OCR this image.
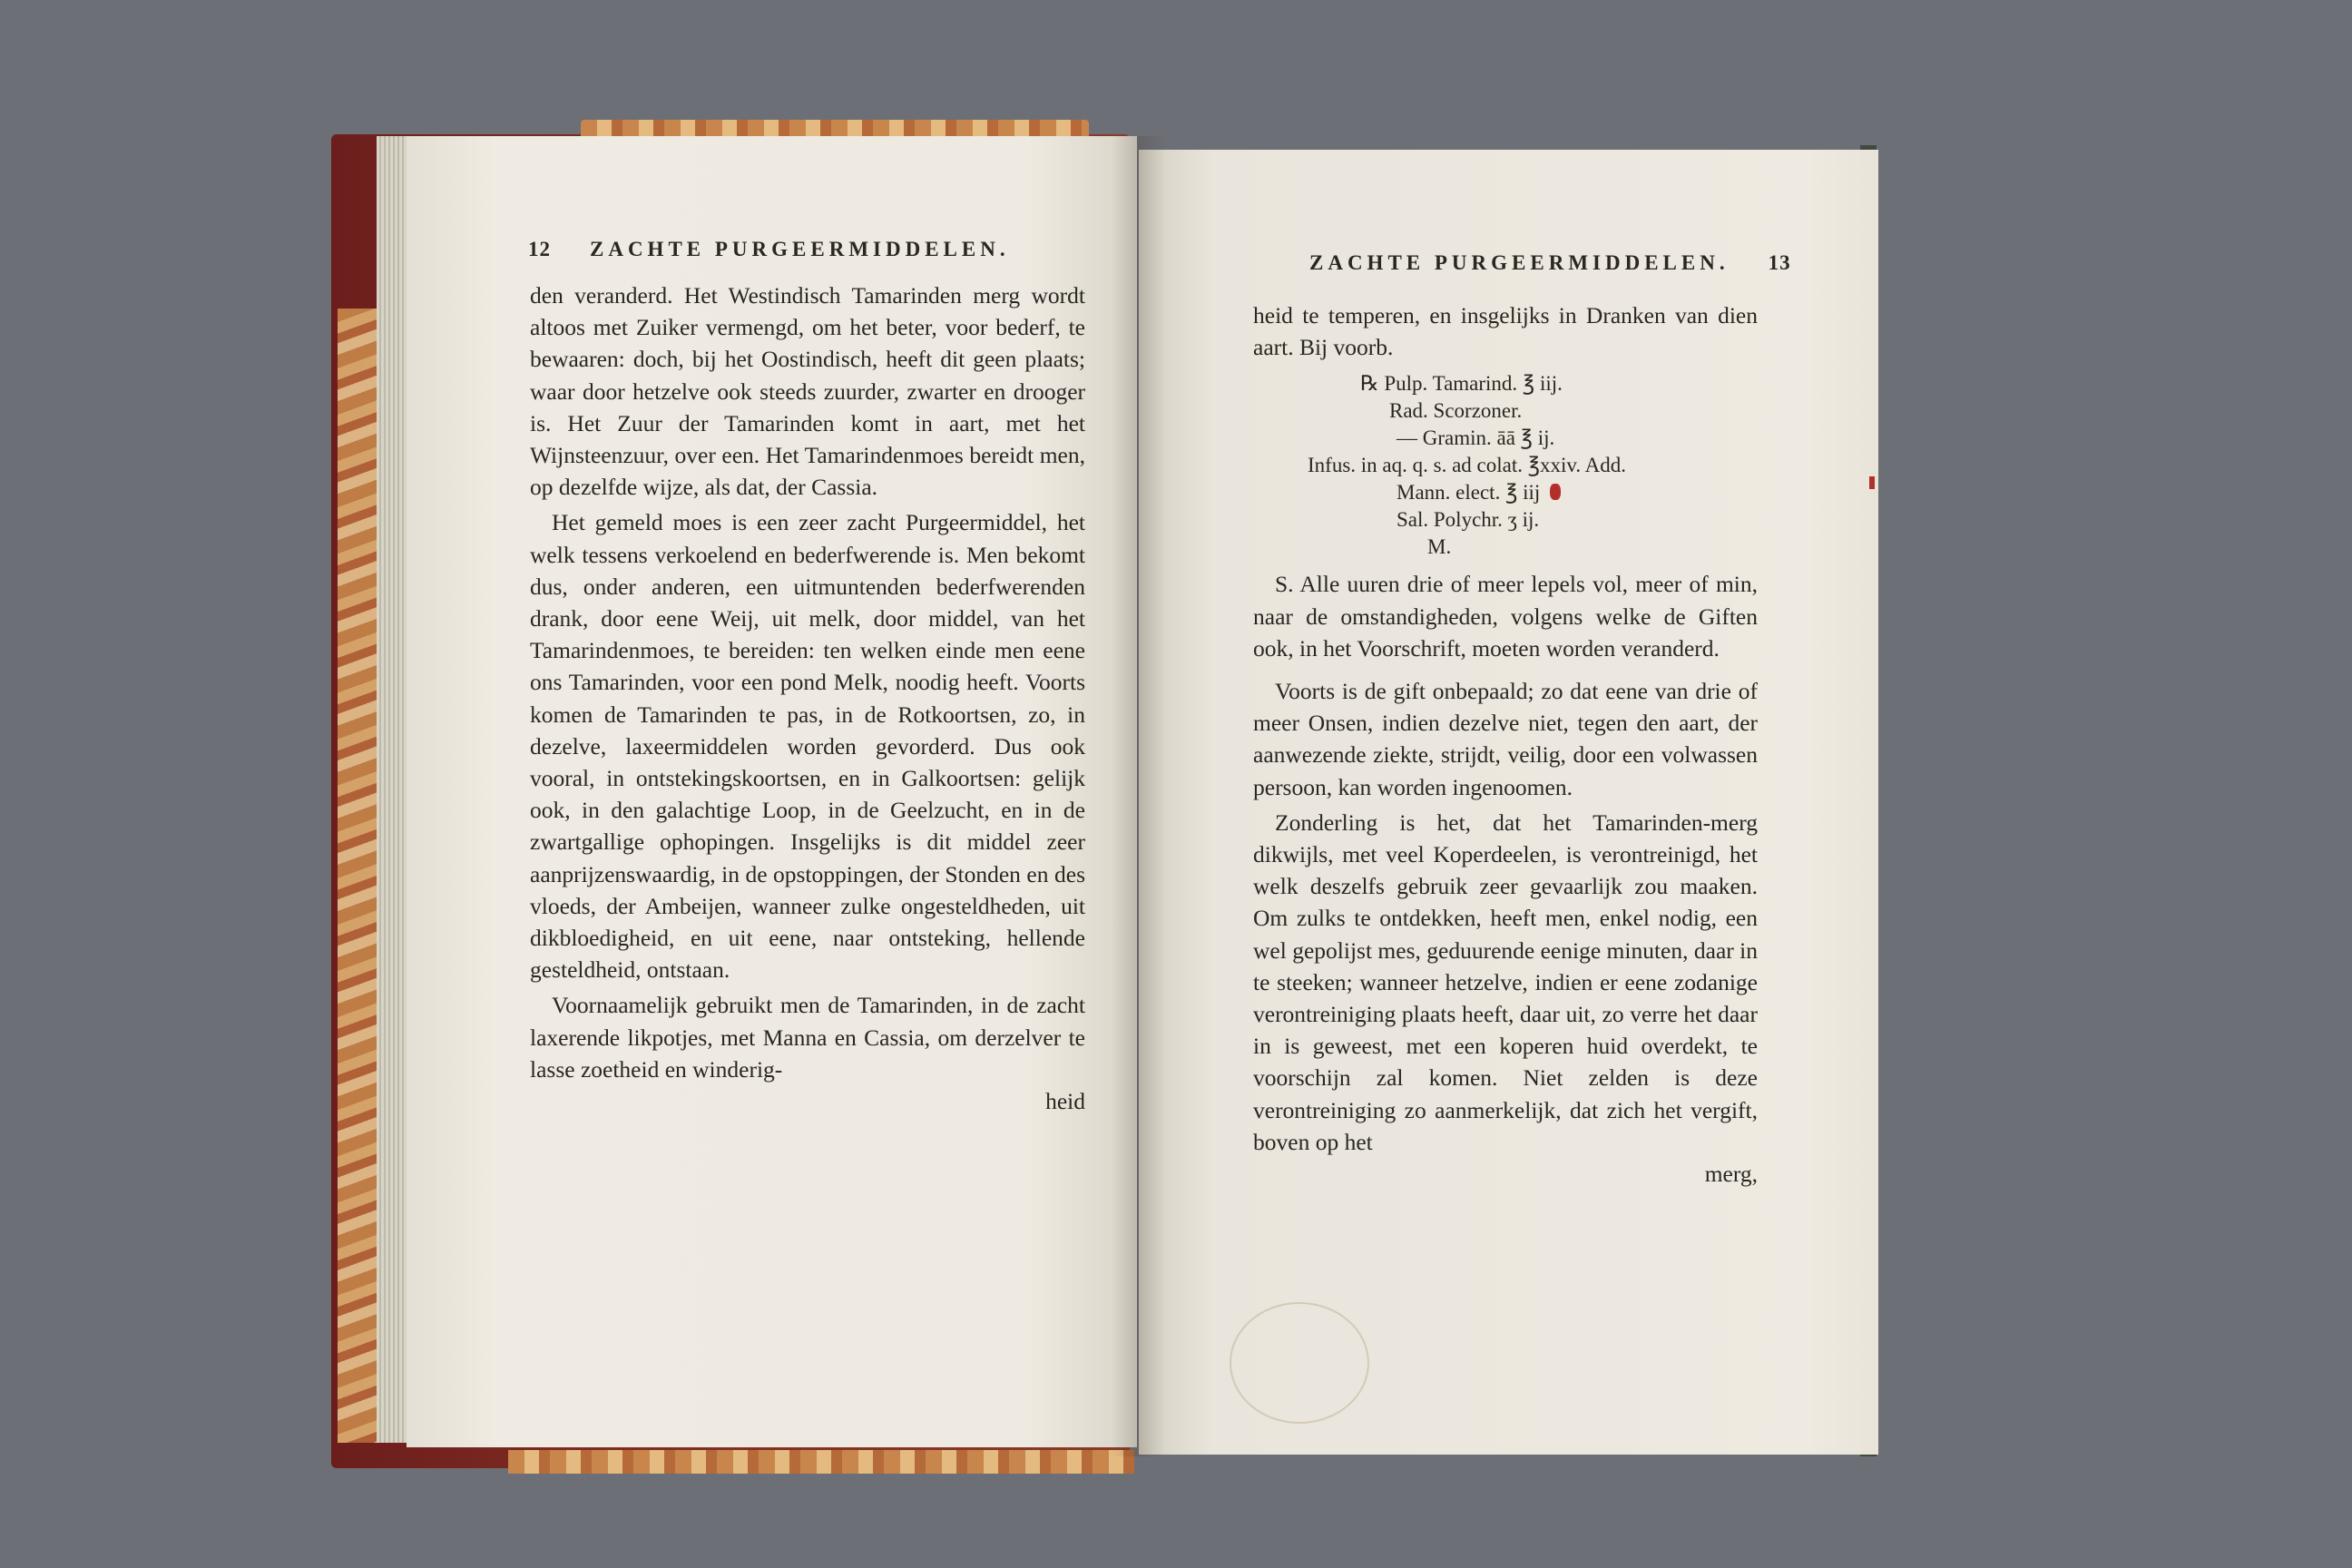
12 ZACHTE PURGEERMIDDELEN.

den veranderd. Het Westindisch Tamarinden merg wordt altoos met Zuiker vermengd, om het beter, voor bederf, te bewaaren: doch, bij het Oostindisch, heeft dit geen plaats; waar door hetzelve ook steeds zuurder, zwarter en drooger is. Het Zuur der Tamarinden komt in aart, met het Wijnsteenzuur, over een. Het Tamarindenmoes bereidt men, op dezelfde wijze, als dat, der Cassia.

Het gemeld moes is een zeer zacht Purgeermiddel, het welk tessens verkoelend en bederfwerende is. Men bekomt dus, onder anderen, een uitmuntenden bederfwerenden drank, door eene Weij, uit melk, door middel, van het Tamarindenmoes, te bereiden: ten welken einde men eene ons Tamarinden, voor een pond Melk, noodig heeft. Voorts komen de Tamarinden te pas, in de Rotkoortsen, zo, in dezelve, laxeermiddelen worden gevorderd. Dus ook vooral, in ontstekingskoortsen, en in Galkoortsen: gelijk ook, in den galachtige Loop, in de Geelzucht, en in de zwartgallige ophopingen. Insgelijks is dit middel zeer aanprijzenswaardig, in de opstoppingen, der Stonden en des vloeds, der Ambeijen, wanneer zulke ongesteldheden, uit dikbloedigheid, en uit eene, naar ontsteking, hellende gesteldheid, ontstaan.

Voornaamelijk gebruikt men de Tamarinden, in de zacht laxerende likpotjes, met Manna en Cassia, om derzelver te lasse zoetheid en winderig-

heid

ZACHTE PURGEERMIDDELEN. 13

heid te temperen, en insgelijks in Dranken van dien aart. Bij voorb.

℞ Pulp. Tamarind. ℥ iij.
Rad. Scorzoner.
— Gramin. āā ℥ ij.
Infus. in aq. q. s. ad colat. ℥xxiv. Add.
Mann. elect. ℥ iij
Sal. Polychr. ʒ ij.
M.

S. Alle uuren drie of meer lepels vol, meer of min, naar de omstandigheden, volgens welke de Giften ook, in het Voorschrift, moeten worden veranderd.

Voorts is de gift onbepaald; zo dat eene van drie of meer Onsen, indien dezelve niet, tegen den aart, der aanwezende ziekte, strijdt, veilig, door een volwassen persoon, kan worden ingenoomen.

Zonderling is het, dat het Tamarinden-merg dikwijls, met veel Koperdeelen, is verontreinigd, het welk deszelfs gebruik zeer gevaarlijk zou maaken. Om zulks te ontdekken, heeft men, enkel nodig, een wel gepolijst mes, geduurende eenige minuten, daar in te steeken; wanneer hetzelve, indien er eene zodanige verontreiniging plaats heeft, daar uit, zo verre het daar in is geweest, met een koperen huid overdekt, te voorschijn zal komen. Niet zelden is deze verontreiniging zo aanmerkelijk, dat zich het vergift, boven op het

merg,
